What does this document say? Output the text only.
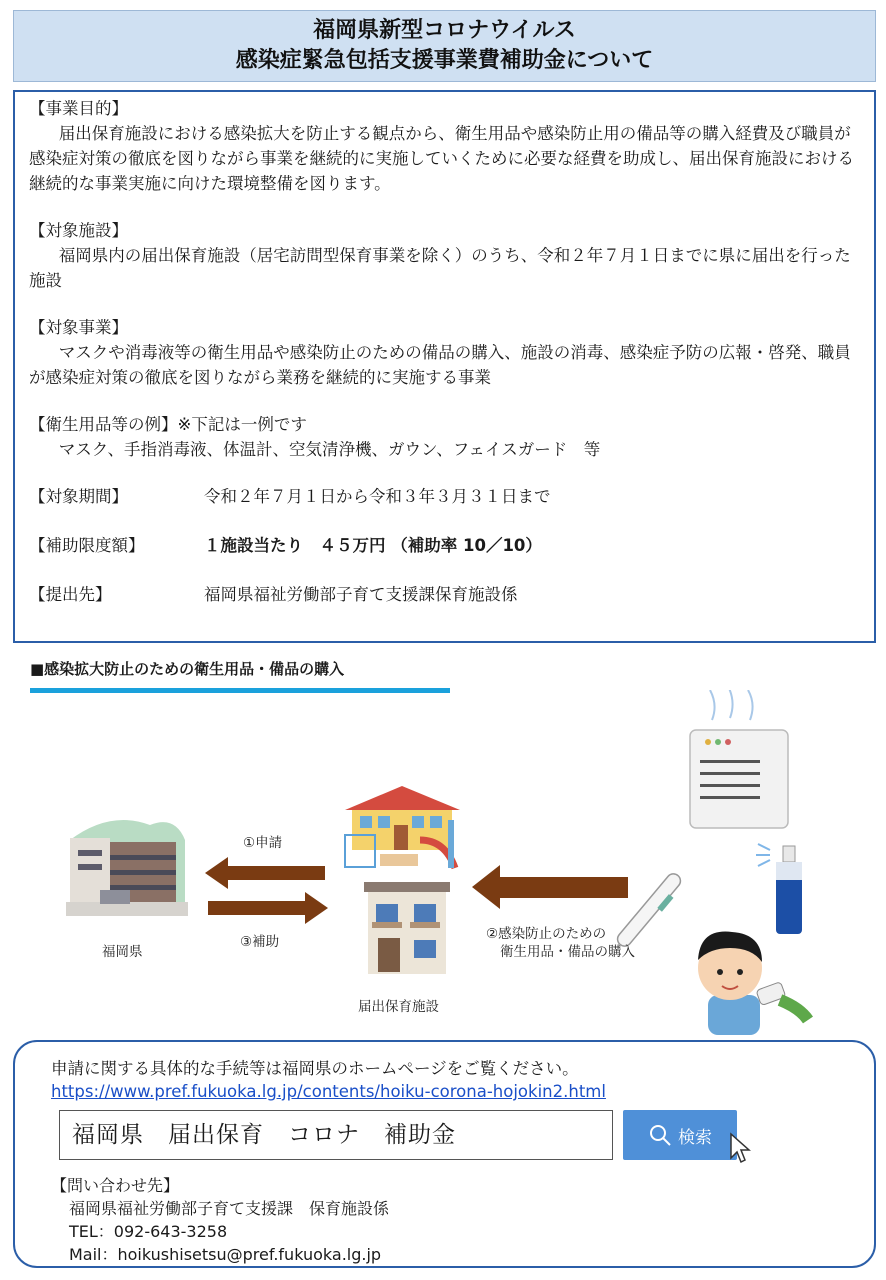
福岡県新型コロナウイルス
感染症緊急包括支援事業費補助金について
【事業目的】
届出保育施設における感染拡大を防止する観点から、衛生用品や感染防止用の備品等の購入経費及び職員が感染症対策の徹底を図りながら事業を継続的に実施していくために必要な経費を助成し、届出保育施設における継続的な事業実施に向けた環境整備を図ります。
【対象施設】
福岡県内の届出保育施設（居宅訪問型保育事業を除く）のうち、令和２年７月１日までに県に届出を行った施設
【対象事業】
マスクや消毒液等の衛生用品や感染防止のための備品の購入、施設の消毒、感染症予防の広報・啓発、職員が感染症対策の徹底を図りながら業務を継続的に実施する事業
【衛生用品等の例】※下記は一例です
マスク、手指消毒液、体温計、空気清浄機、ガウン、フェイスガード　等
【対象期間】	令和２年７月１日から令和３年３月３１日まで
【補助限度額】	１施設当たり　４５万円 （補助率 10／10）
【提出先】	福岡県福祉労働部子育て支援課保育施設係
■感染拡大防止のための衛生用品・備品の購入
①申請
③補助
福岡県
届出保育施設
②感染防止のための
衛生用品・備品の購入
申請に関する具体的な手続等は福岡県のホームページをご覧ください。
https://www.pref.fukuoka.lg.jp/contents/hoiku-corona-hojokin2.html
福岡県　届出保育　コロナ　補助金	検索
【問い合わせ先】
福岡県福祉労働部子育て支援課　保育施設係
TEL：092-643-3258
Mail：hoikushisetsu@pref.fukuoka.lg.jp
